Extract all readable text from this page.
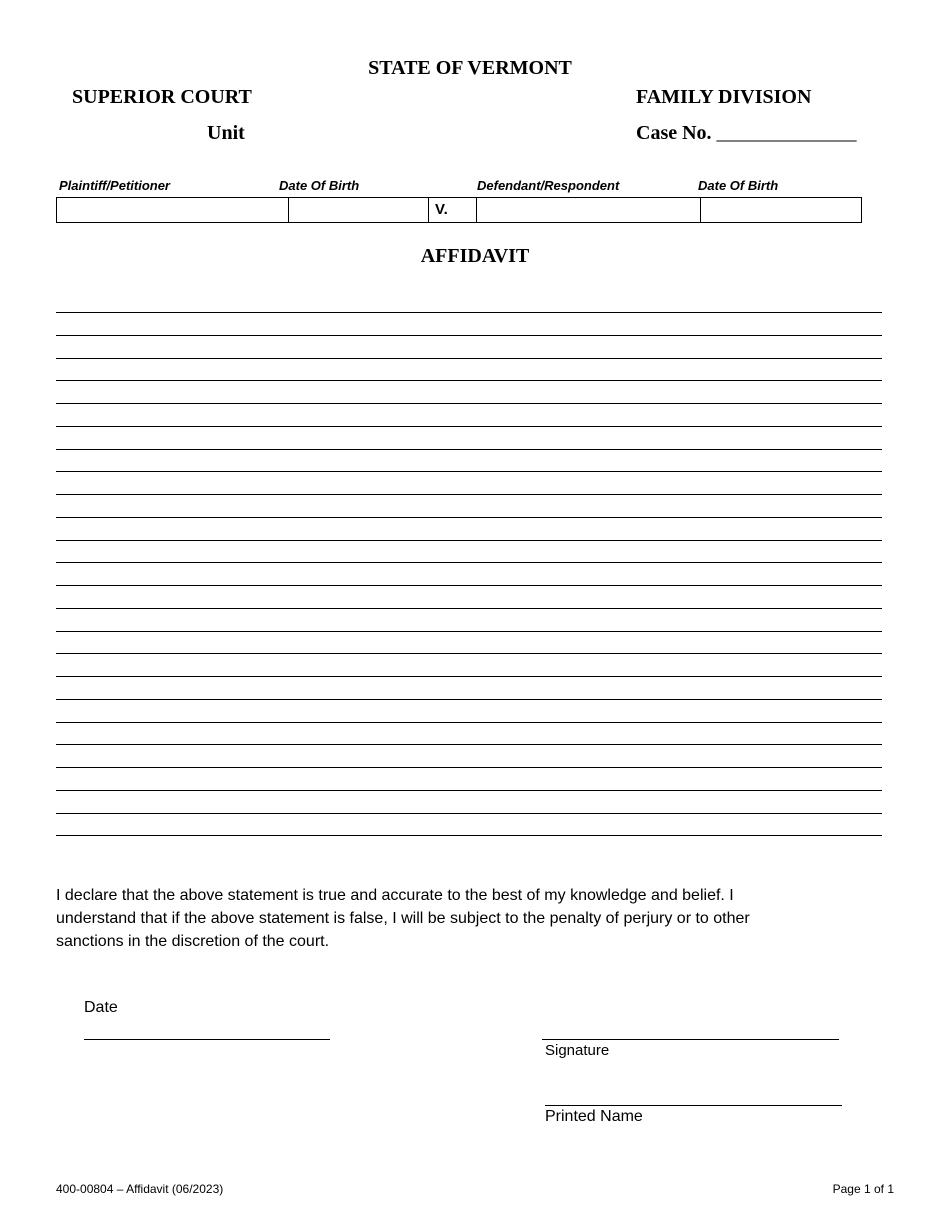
STATE OF VERMONT
SUPERIOR COURT	FAMILY DIVISION
Unit	Case No. ______________
Plaintiff/Petitioner	Date Of Birth	Defendant/Respondent	Date Of Birth
V.
AFFIDAVIT
I declare that the above statement is true and accurate to the best of my knowledge and belief. I
understand that if the above statement is false, I will be subject to the penalty of perjury or to other
sanctions in the discretion of the court.
Date
Signature
Printed Name
400-00804 – Affidavit (06/2023)	Page 1 of 1
